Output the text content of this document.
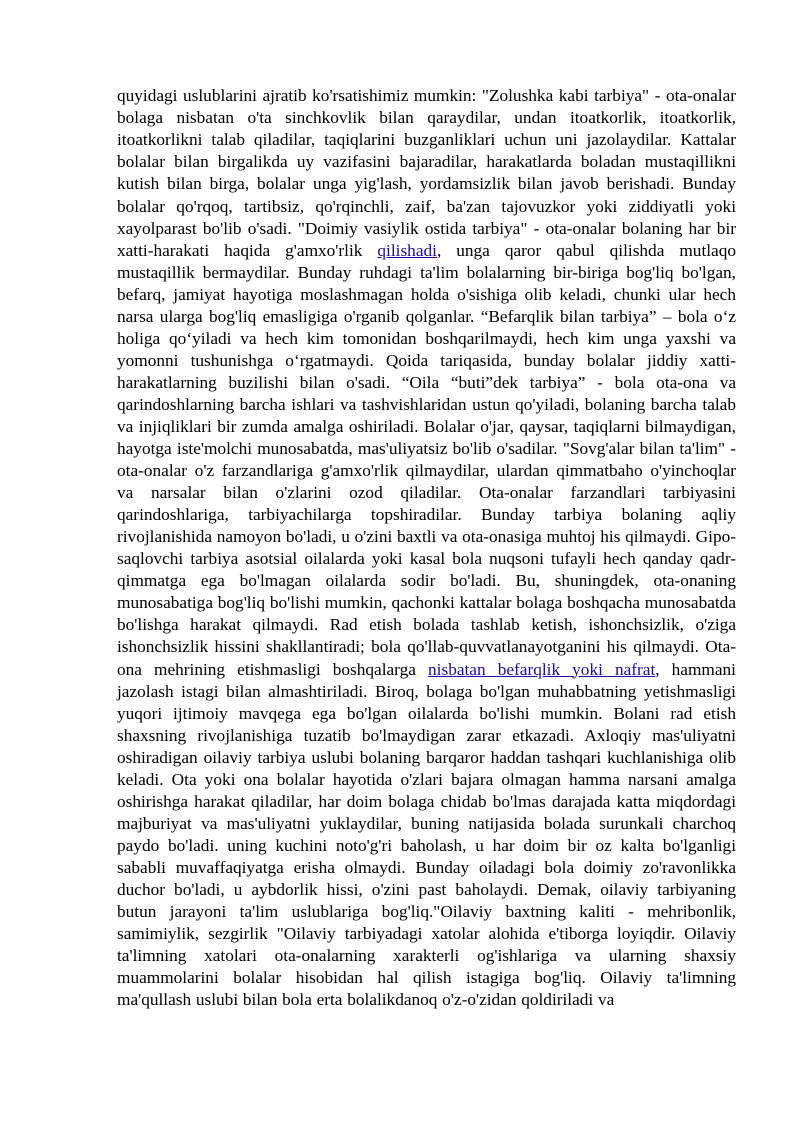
quyidagi uslublarini ajratib ko'rsatishimiz mumkin: "Zolushka kabi tarbiya" - ota-onalar bolaga nisbatan o'ta sinchkovlik bilan qaraydilar, undan itoatkorlik, itoatkorlik, itoatkorlikni talab qiladilar, taqiqlarini buzganliklari uchun uni jazolaydilar. Kattalar bolalar bilan birgalikda uy vazifasini bajaradilar, harakatlarda boladan mustaqillikni kutish bilan birga, bolalar unga yig'lash, yordamsizlik bilan javob berishadi. Bunday bolalar qo'rqoq, tartibsiz, qo'rqinchli, zaif, ba'zan tajovuzkor yoki ziddiyatli yoki xayolparast bo'lib o'sadi. "Doimiy vasiylik ostida tarbiya" - ota-onalar bolaning har bir xatti-harakati haqida g'amxo'rlik qilishadi, unga qaror qabul qilishda mutlaqo mustaqillik bermaydilar. Bunday ruhdagi ta'lim bolalarning bir-biriga bog'liq bo'lgan, befarq, jamiyat hayotiga moslashmagan holda o'sishiga olib keladi, chunki ular hech narsa ularga bog'liq emasligiga o'rganib qolganlar. “Befarqlik bilan tarbiya” – bola o‘z holiga qo‘yiladi va hech kim tomonidan boshqarilmaydi, hech kim unga yaxshi va yomonni tushunishga o‘rgatmaydi. Qoida tariqasida, bunday bolalar jiddiy xatti-harakatlarning buzilishi bilan o'sadi. “Oila “buti”dek tarbiya” - bola ota-ona va qarindoshlarning barcha ishlari va tashvishlaridan ustun qo'yiladi, bolaning barcha talab va injiqliklari bir zumda amalga oshiriladi. Bolalar o'jar, qaysar, taqiqlarni bilmaydigan, hayotga iste'molchi munosabatda, mas'uliyatsiz bo'lib o'sadilar. "Sovg'alar bilan ta'lim" - ota-onalar o'z farzandlariga g'amxo'rlik qilmaydilar, ulardan qimmatbaho o'yinchoqlar va narsalar bilan o'zlarini ozod qiladilar. Ota-onalar farzandlari tarbiyasini qarindoshlariga, tarbiyachilarga topshiradilar. Bunday tarbiya bolaning aqliy rivojlanishida namoyon bo'ladi, u o'zini baxtli va ota-onasiga muhtoj his qilmaydi. Gipo-saqlovchi tarbiya asotsial oilalarda yoki kasal bola nuqsoni tufayli hech qanday qadr-qimmatga ega bo'lmagan oilalarda sodir bo'ladi. Bu, shuningdek, ota-onaning munosabatiga bog'liq bo'lishi mumkin, qachonki kattalar bolaga boshqacha munosabatda bo'lishga harakat qilmaydi. Rad etish bolada tashlab ketish, ishonchsizlik, o'ziga ishonchsizlik hissini shakllantiradi; bola qo'llab-quvvatlanayotganini his qilmaydi. Ota-ona mehrining etishmasligi boshqalarga nisbatan befarqlik yoki nafrat, hammani jazolash istagi bilan almashtiriladi. Biroq, bolaga bo'lgan muhabbatning yetishmasligi yuqori ijtimoiy mavqega ega bo'lgan oilalarda bo'lishi mumkin. Bolani rad etish shaxsning rivojlanishiga tuzatib bo'lmaydigan zarar etkazadi. Axloqiy mas'uliyatni oshiradigan oilaviy tarbiya uslubi bolaning barqaror haddan tashqari kuchlanishiga olib keladi. Ota yoki ona bolalar hayotida o'zlari bajara olmagan hamma narsani amalga oshirishga harakat qiladilar, har doim bolaga chidab bo'lmas darajada katta miqdordagi majburiyat va mas'uliyatni yuklaydilar, buning natijasida bolada surunkali charchoq paydo bo'ladi. uning kuchini noto'g'ri baholash, u har doim bir oz kalta bo'lganligi sababli muvaffaqiyatga erisha olmaydi. Bunday oiladagi bola doimiy zo'ravonlikka duchor bo'ladi, u aybdorlik hissi, o'zini past baholaydi. Demak, oilaviy tarbiyaning butun jarayoni ta'lim uslublariga bog'liq."Oilaviy baxtning kaliti - mehribonlik, samimiylik, sezgirlik "Oilaviy tarbiyadagi xatolar alohida e'tiborga loyiqdir. Oilaviy ta'limning xatolari ota-onalarning xarakterli og'ishlariga va ularning shaxsiy muammolarini bolalar hisobidan hal qilish istagiga bog'liq. Oilaviy ta'limning ma'qullash uslubi bilan bola erta bolalikdanoq o'z-o'zidan qoldiriladi va
